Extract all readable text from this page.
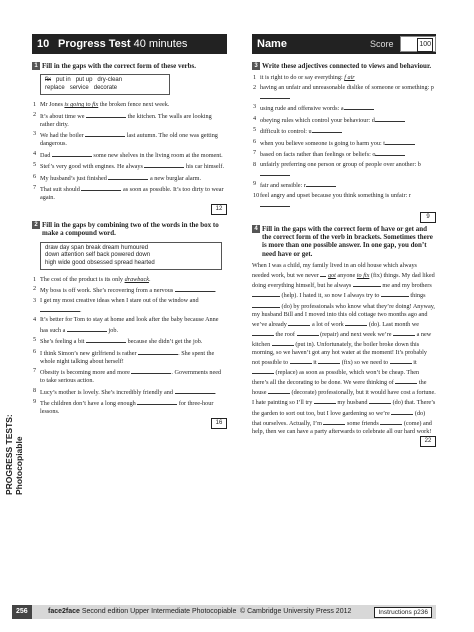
PROGRESS TESTS:
Photocopiable
10 Progress Test 40 minutes	Name	Score	100
1 Fill in the gaps with the correct form of these verbs.
fix put in put up dry-clean
replace service decorate
1 Mr Jones is going to fix the broken fence next week.
2 It’s about time we	the kitchen. The walls are looking rather dirty.
3 We had the boiler	last autumn. The old one was getting dangerous.
4 Dad	some new shelves in the living room at the moment.
5 Stef’s very good with engines. He always	his car himself.
6 My husband’s just finished	a new burglar alarm.
7 That suit should	as soon as possible. It’s too dirty to wear again.
12
2 Fill in the gaps by combining two of the words in the box to make a compound word.
draw day span break dream humoured
down attention self back powered down
high wide good obsessed spread hearted
1 The cost of the product is its only drawback.
2 My boss is off work. She’s recovering from a nervous	.
3 I get my most creative ideas when I stare out of the window and .
4 It’s better for Tom to stay at home and look after the baby because Anne has such a	job.
5 She’s feeling a bit	because she didn’t get the job.
6 I think Simon’s new girlfriend is rather	. She spent the whole night talking about herself!
7 Obesity is becoming more and more	. Governments need to take serious action.
8 Lucy’s mother is lovely. She’s incredibly friendly and	.
9 The children don’t have a long enough	for three-hour lessons.
16
3 Write these adjectives connected to views and behaviour.
1 it is right to do or say everything: f air
2 having an unfair and unreasonable dislike of someone or something: p
3 using rude and offensive words: a
4 obeying rules which control your behaviour: d
5 difficult to control: u
6 when you believe someone is going to harm you: t
7 based on facts rather than feelings or beliefs: o
8 unfairly preferring one person or group of people over another: b
9 fair and sensible: r
10 feel angry and upset because you think something is unfair: r
9
4 Fill in the gaps with the correct form of have or get and the correct form of the verb in brackets. Sometimes there is more than one possible answer. In one gap, you don’t need have or get.
When I was a child, my family lived in an old house which always needed work, but we never got anyone to fix (fix) things. My dad liked doing everything himself, but he always	me and my brothers  (help). I hated it, so now I always try to	things  (do) by professionals who know what they’re doing! Anyway, my husband Bill and I moved into this old cottage two months ago and we’ve already	a lot of work	(do). Last month we  the roof	(repair) and next week we’re	a new kitchen	(put in). Unfortunately, the boiler broke down this morning, so we haven’t got any hot water at the moment! It’s probably not possible to	it	(fix) so we need to	it  (replace) as soon as possible, which won’t be cheap. Then there’s all the decorating to be done. We were thinking of	the house	(decorate) professionally, but it would have cost a fortune. I hate painting so I’ll try	my husband	(do) that. There’s the garden to sort out too, but I love gardening so we’re	(do) that ourselves. Actually, I’m	some friends	(come) and help, then we can have a party afterwards to celebrate all our hard work!
22
256	face2face Second edition Upper Intermediate Photocopiable © Cambridge University Press 2012	Instructions p236
